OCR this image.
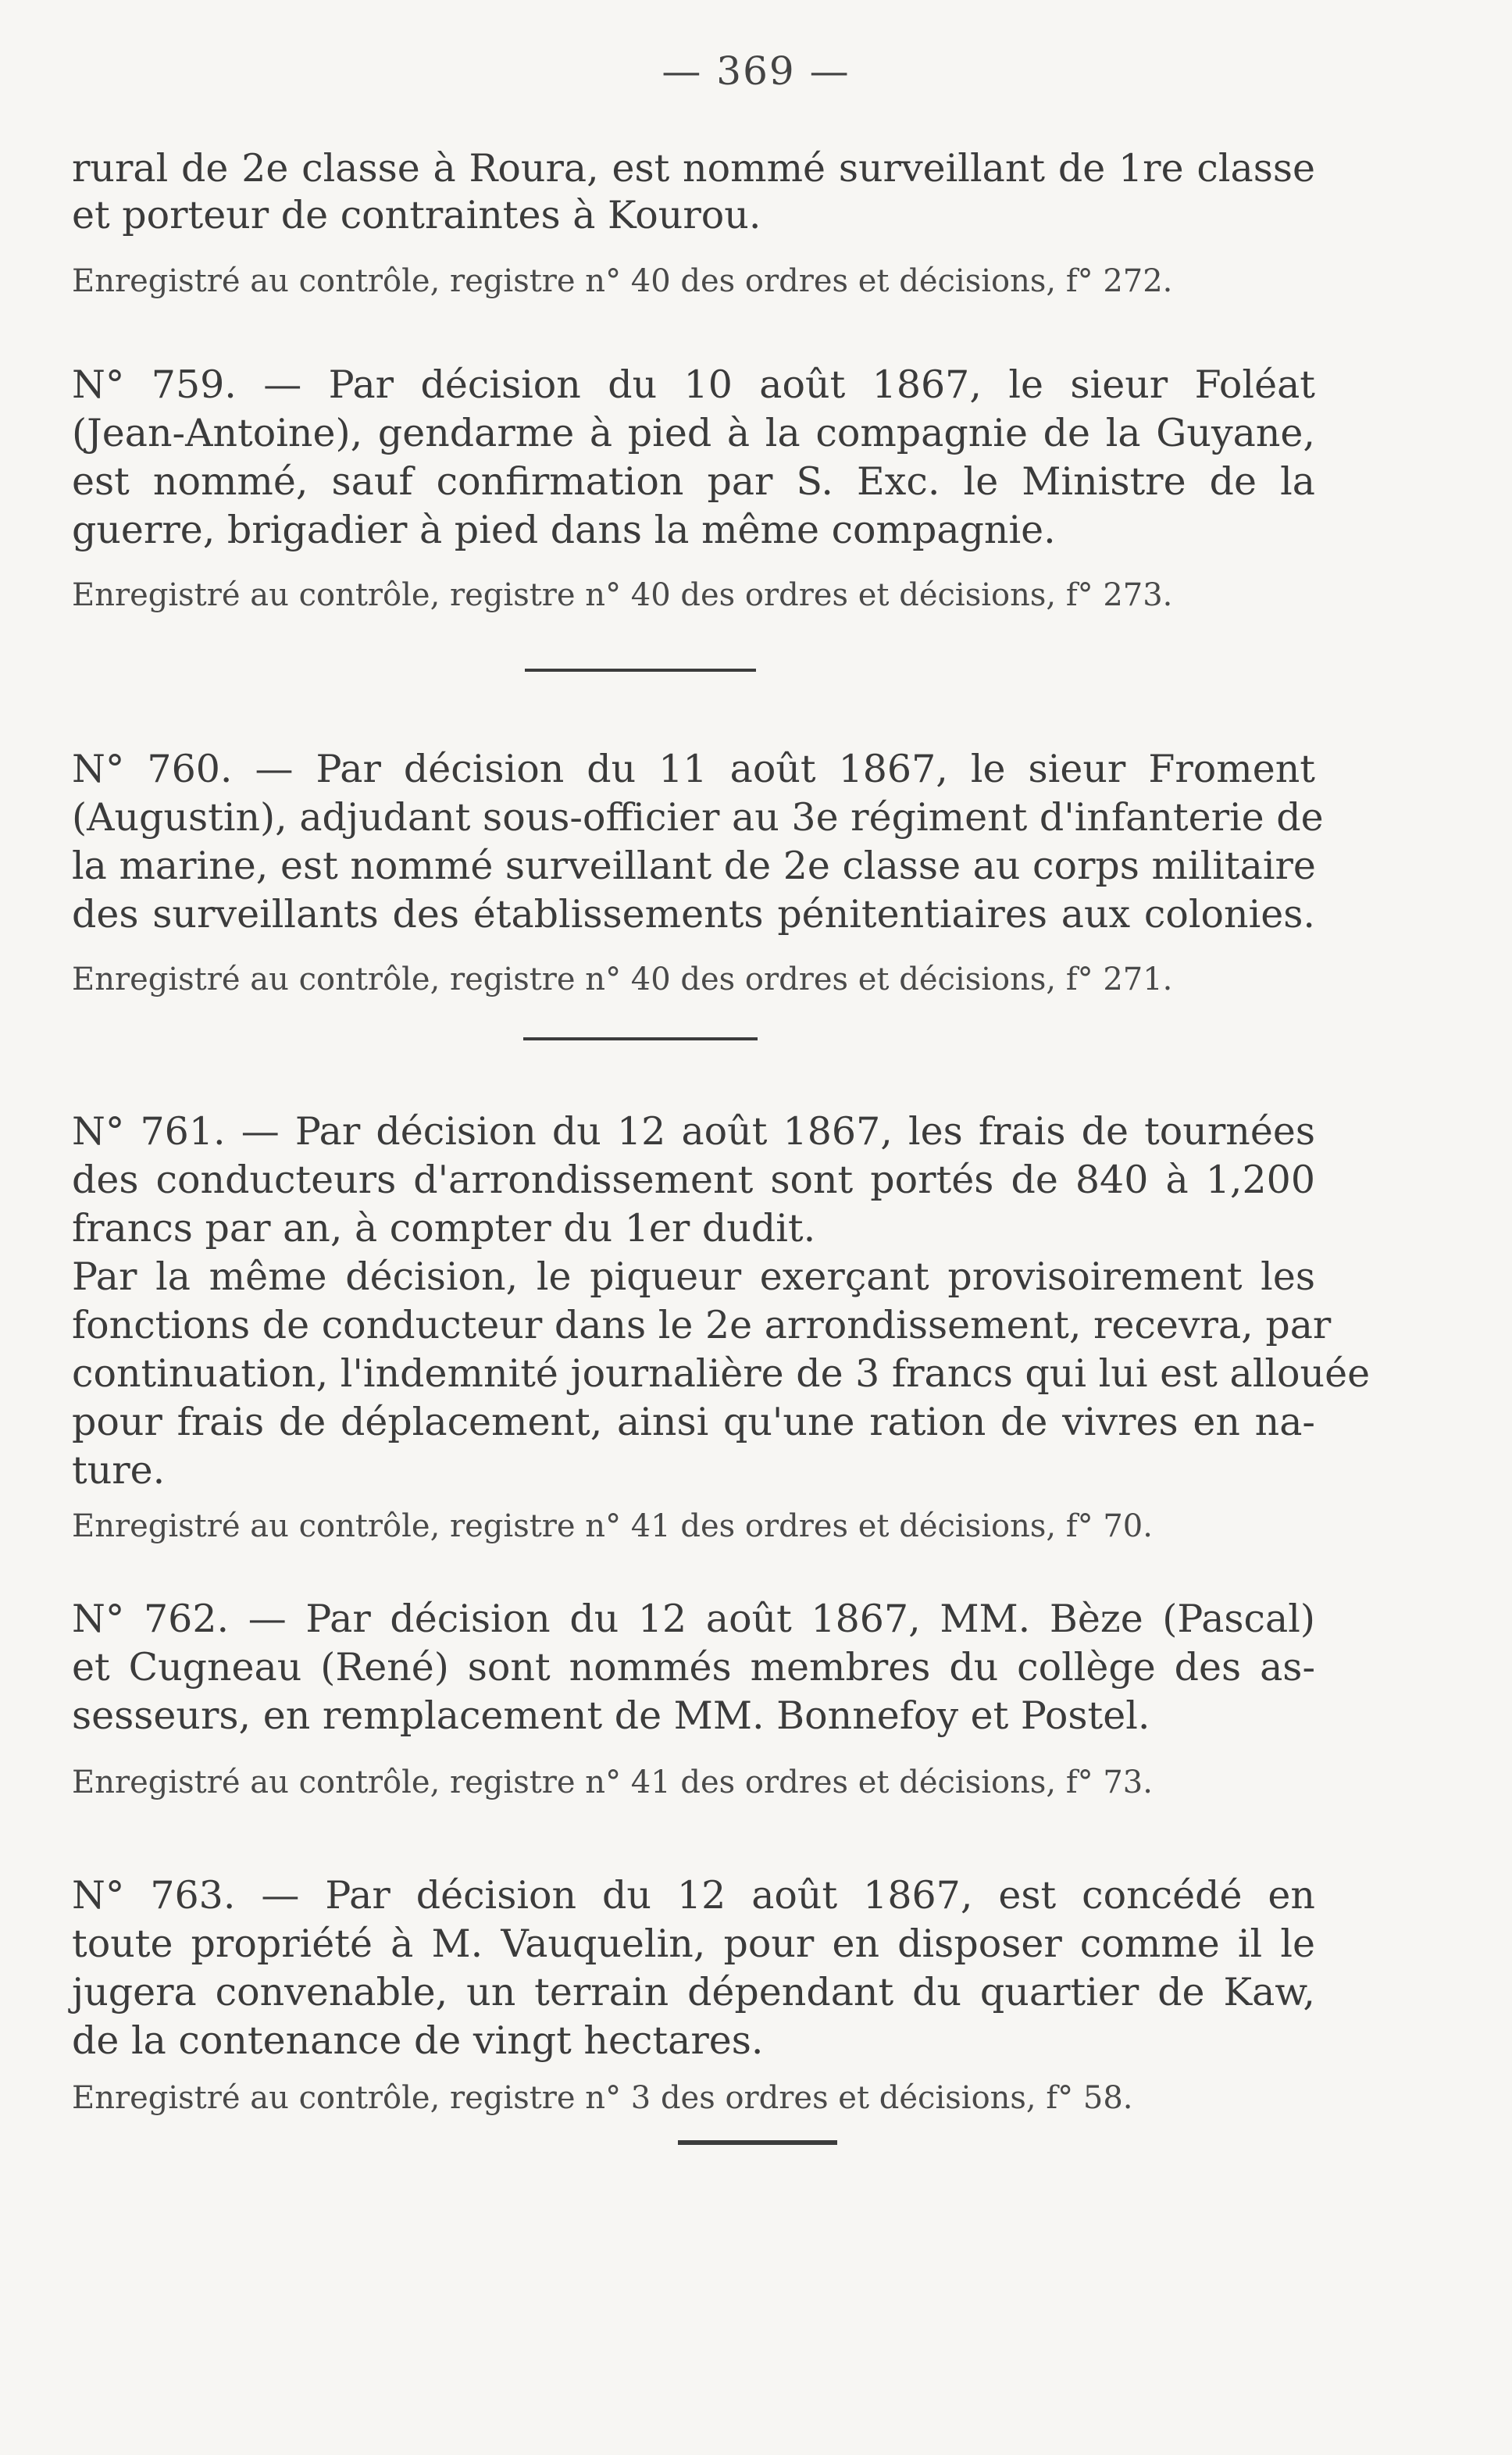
— 369 —
rural de 2e classe à Roura, est nommé surveillant de 1re classe
et porteur de contraintes à Kourou.
Enregistré au contrôle, registre n° 40 des ordres et décisions, f° 272.
N° 759. — Par décision du 10 août 1867, le sieur Foléat
(Jean-Antoine), gendarme à pied à la compagnie de la Guyane,
est nommé, sauf confirmation par S. Exc. le Ministre de la
guerre, brigadier à pied dans la même compagnie.
Enregistré au contrôle, registre n° 40 des ordres et décisions, f° 273.
N° 760. — Par décision du 11 août 1867, le sieur Froment
(Augustin), adjudant sous-officier au 3e régiment d'infanterie de
la marine, est nommé surveillant de 2e classe au corps militaire
des surveillants des établissements pénitentiaires aux colonies.
Enregistré au contrôle, registre n° 40 des ordres et décisions, f° 271.
N° 761. — Par décision du 12 août 1867, les frais de tournées
des conducteurs d'arrondissement sont portés de 840 à 1,200
francs par an, à compter du 1er dudit.
Par la même décision, le piqueur exerçant provisoirement les
fonctions de conducteur dans le 2e arrondissement, recevra, par
continuation, l'indemnité journalière de 3 francs qui lui est allouée
pour frais de déplacement, ainsi qu'une ration de vivres en na-
ture.
Enregistré au contrôle, registre n° 41 des ordres et décisions, f° 70.
N° 762. — Par décision du 12 août 1867, MM. Bèze (Pascal)
et Cugneau (René) sont nommés membres du collège des as-
sesseurs, en remplacement de MM. Bonnefoy et Postel.
Enregistré au contrôle, registre n° 41 des ordres et décisions, f° 73.
N° 763. — Par décision du 12 août 1867, est concédé en
toute propriété à M. Vauquelin, pour en disposer comme il le
jugera convenable, un terrain dépendant du quartier de Kaw,
de la contenance de vingt hectares.
Enregistré au contrôle, registre n° 3 des ordres et décisions, f° 58.
